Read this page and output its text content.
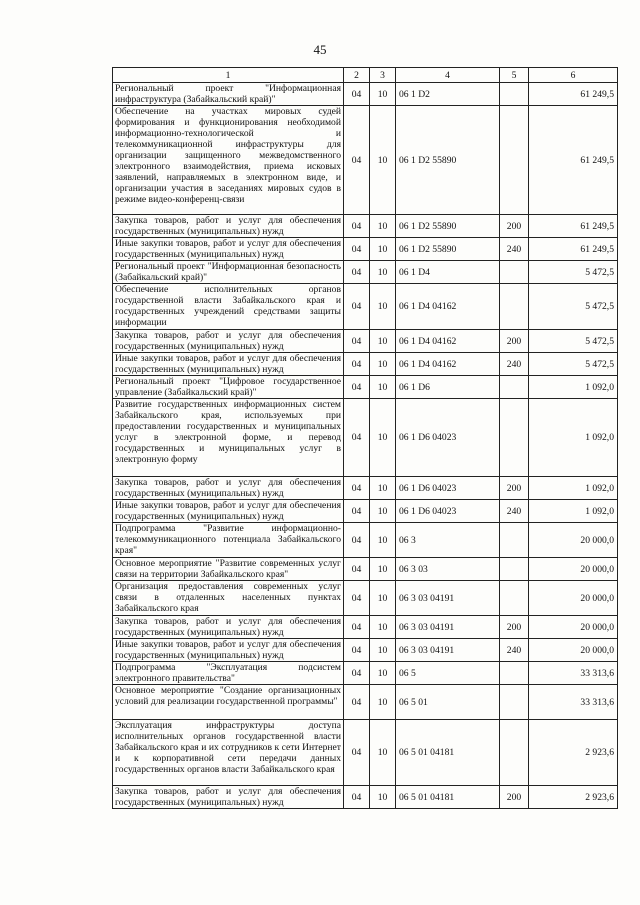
45
1	2	3	4	5	6
Региональный проект "Информационная инфраструктура (Забайкальский край)"	04	10	06 1 D2		61 249,5
Обеспечение на участках мировых судей формирования и функционирования необходимой информационно-технологической и телекоммуникационной инфраструктуры для организации защищенного межведомственного электронного взаимодействия, приема исковых заявлений, направляемых в электронном виде, и организации участия в заседаниях мировых судов в режиме видео-конференц-связи	04	10	06 1 D2 55890		61 249,5
Закупка товаров, работ и услуг для обеспечения государственных (муниципальных) нужд	04	10	06 1 D2 55890	200	61 249,5
Иные закупки товаров, работ и услуг для обеспечения государственных (муниципальных) нужд	04	10	06 1 D2 55890	240	61 249,5
Региональный проект "Информационная безопасность (Забайкальский край)"	04	10	06 1 D4		5 472,5
Обеспечение исполнительных органов государственной власти Забайкальского края и государственных учреждений средствами защиты информации	04	10	06 1 D4 04162		5 472,5
Закупка товаров, работ и услуг для обеспечения государственных (муниципальных) нужд	04	10	06 1 D4 04162	200	5 472,5
Иные закупки товаров, работ и услуг для обеспечения государственных (муниципальных) нужд	04	10	06 1 D4 04162	240	5 472,5
Региональный проект "Цифровое государственное управление (Забайкальский край)"	04	10	06 1 D6		1 092,0
Развитие государственных информационных систем Забайкальского края, используемых при предоставлении государственных и муниципальных услуг в электронной форме, и перевод государственных и муниципальных услуг в электронную форму	04	10	06 1 D6 04023		1 092,0
Закупка товаров, работ и услуг для обеспечения государственных (муниципальных) нужд	04	10	06 1 D6 04023	200	1 092,0
Иные закупки товаров, работ и услуг для обеспечения государственных (муниципальных) нужд	04	10	06 1 D6 04023	240	1 092,0
Подпрограмма "Развитие информационно-телекоммуникационного потенциала Забайкальского края"	04	10	06 3		20 000,0
Основное мероприятие "Развитие современных услуг связи на территории Забайкальского края"	04	10	06 3 03		20 000,0
Организация предоставления современных услуг связи в отдаленных населенных пунктах Забайкальского края	04	10	06 3 03 04191		20 000,0
Закупка товаров, работ и услуг для обеспечения государственных (муниципальных) нужд	04	10	06 3 03 04191	200	20 000,0
Иные закупки товаров, работ и услуг для обеспечения государственных (муниципальных) нужд	04	10	06 3 03 04191	240	20 000,0
Подпрограмма "Эксплуатация подсистем электронного правительства"	04	10	06 5		33 313,6
Основное мероприятие "Создание организационных условий для реализации государственной программы"	04	10	06 5 01		33 313,6
Эксплуатация инфраструктуры доступа исполнительных органов государственной власти Забайкальского края и их сотрудников к сети Интернет и к корпоративной сети передачи данных государственных органов власти Забайкальского края	04	10	06 5 01 04181		2 923,6
Закупка товаров, работ и услуг для обеспечения государственных (муниципальных) нужд	04	10	06 5 01 04181	200	2 923,6
